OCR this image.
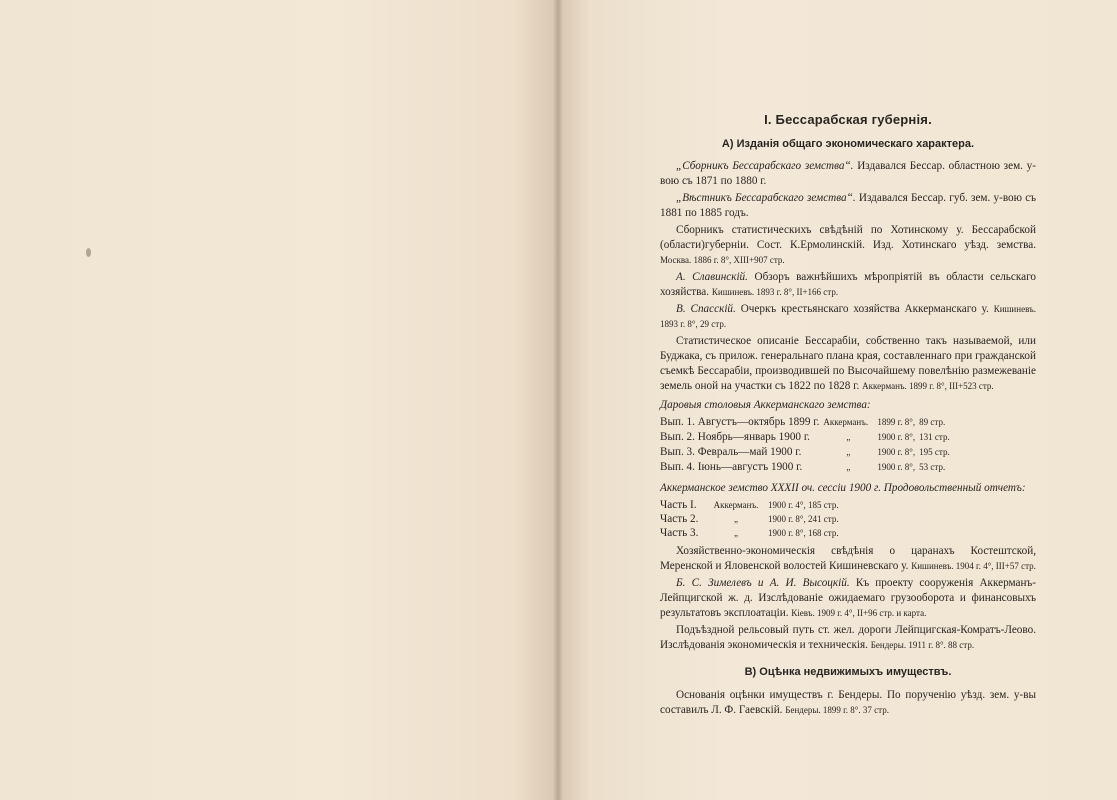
I. Бессарабская губернія.
А) Изданія общаго экономическаго характера.

„Сборникъ Бессарабскаго земства“. Издавался Бессар. областною зем. у-вою съ 1871 по 1880 г.

„Вѣстникъ Бессарабскаго земства“. Издавался Бессар. губ. зем. у-вою съ 1881 по 1885 годъ.

Сборникъ статистическихъ свѣдѣній по Хотинскому у. Бессарабской (области)губерніи. Сост. К.Ермолинскій. Изд. Хотинскаго уѣзд. земства. Москва. 1886 г. 8°, XIII+907 стр.

А. Славинскій. Обзоръ важнѣйшихъ мѣропріятій въ области сельскаго хозяйства. Кишиневъ. 1893 г. 8°, II+166 стр.

В. Спасскій. Очеркъ крестьянскаго хозяйства Аккерманскаго у. Кишиневъ. 1893 г. 8°, 29 стр.

Статистическое описаніе Бессарабіи, собственно такъ называемой, или Буджака, съ прилож. генеральнаго плана края, составленнаго при гражданской съемкѣ Бессарабіи, производившей по Высочайшему повелѣнію размежеваніе земель оной на участки съ 1822 по 1828 г. Аккерманъ. 1899 г. 8°, III+523 стр.

Даровыя столовыя Аккерманскаго земства:

Вып. 1. Августъ—октябрь 1899 г.	Аккерманъ.	1899 г. 8°,	89 стр.
Вып. 2. Ноябрь—январь 1900 г.	„	1900 г. 8°,	131 стр.
Вып. 3. Февраль—май 1900 г.	„	1900 г. 8°,	195 стр.
Вып. 4. Іюнь—августъ 1900 г.	„	1900 г. 8°,	53 стр.

Аккерманское земство XXXII оч. сессіи 1900 г. Продовольственный отчетъ:

Часть І.	Аккерманъ.	1900 г. 4°, 185 стр.
Часть 2.	„	1900 г. 8°, 241 стр.
Часть 3.	„	1900 г. 8°, 168 стр.

Хозяйственно-экономическія свѣдѣнія о царанахъ Костештской, Меренской и Яловенской волостей Кишиневскаго у. Кишиневъ. 1904 г. 4°, III+57 стр.

Б. С. Зимелевъ и А. И. Высоцкій. Къ проекту сооруженія Аккерманъ-Лейпцигской ж. д. Изслѣдованіе ожидаемаго грузооборота и финансовыхъ результатовъ эксплоатаціи. Кіевъ. 1909 г. 4°, II+96 стр. и карта.

Подъѣздной рельсовый путь ст. жел. дороги Лейпцигская-Комратъ-Леово. Изслѣдованія экономическія и техническія. Бендеры. 1911 г. 8°. 88 стр.

В) Оцѣнка недвижимыхъ имуществъ.

Основанія оцѣнки имуществъ г. Бендеры. По порученію уѣзд. зем. у-вы составилъ Л. Ф. Гаевскій. Бендеры. 1899 г. 8°. 37 стр.
